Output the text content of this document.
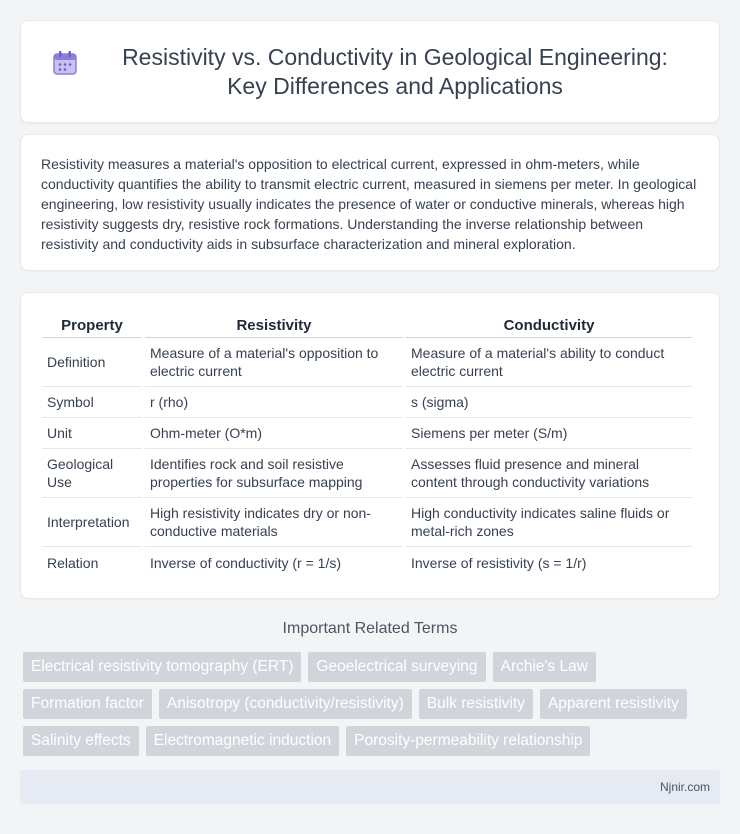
Resistivity vs. Conductivity in Geological Engineering: Key Differences and Applications

Resistivity measures a material's opposition to electrical current, expressed in ohm-meters, while conductivity quantifies the ability to transmit electric current, measured in siemens per meter. In geological engineering, low resistivity usually indicates the presence of water or conductive minerals, whereas high resistivity suggests dry, resistive rock formations. Understanding the inverse relationship between resistivity and conductivity aids in subsurface characterization and mineral exploration.

Property	Resistivity	Conductivity
Definition	Measure of a material's opposition to electric current	Measure of a material's ability to conduct electric current
Symbol	r (rho)	s (sigma)
Unit	Ohm-meter (O*m)	Siemens per meter (S/m)
Geological Use	Identifies rock and soil resistive properties for subsurface mapping	Assesses fluid presence and mineral content through conductivity variations
Interpretation	High resistivity indicates dry or non-conductive materials	High conductivity indicates saline fluids or metal-rich zones
Relation	Inverse of conductivity (r = 1/s)	Inverse of resistivity (s = 1/r)
Important Related Terms
Electrical resistivity tomography (ERT)	Geoelectrical surveying	Archie's Law
Formation factor	Anisotropy (conductivity/resistivity)	Bulk resistivity	Apparent resistivity
Salinity effects	Electromagnetic induction	Porosity-permeability relationship
Njnir.com
